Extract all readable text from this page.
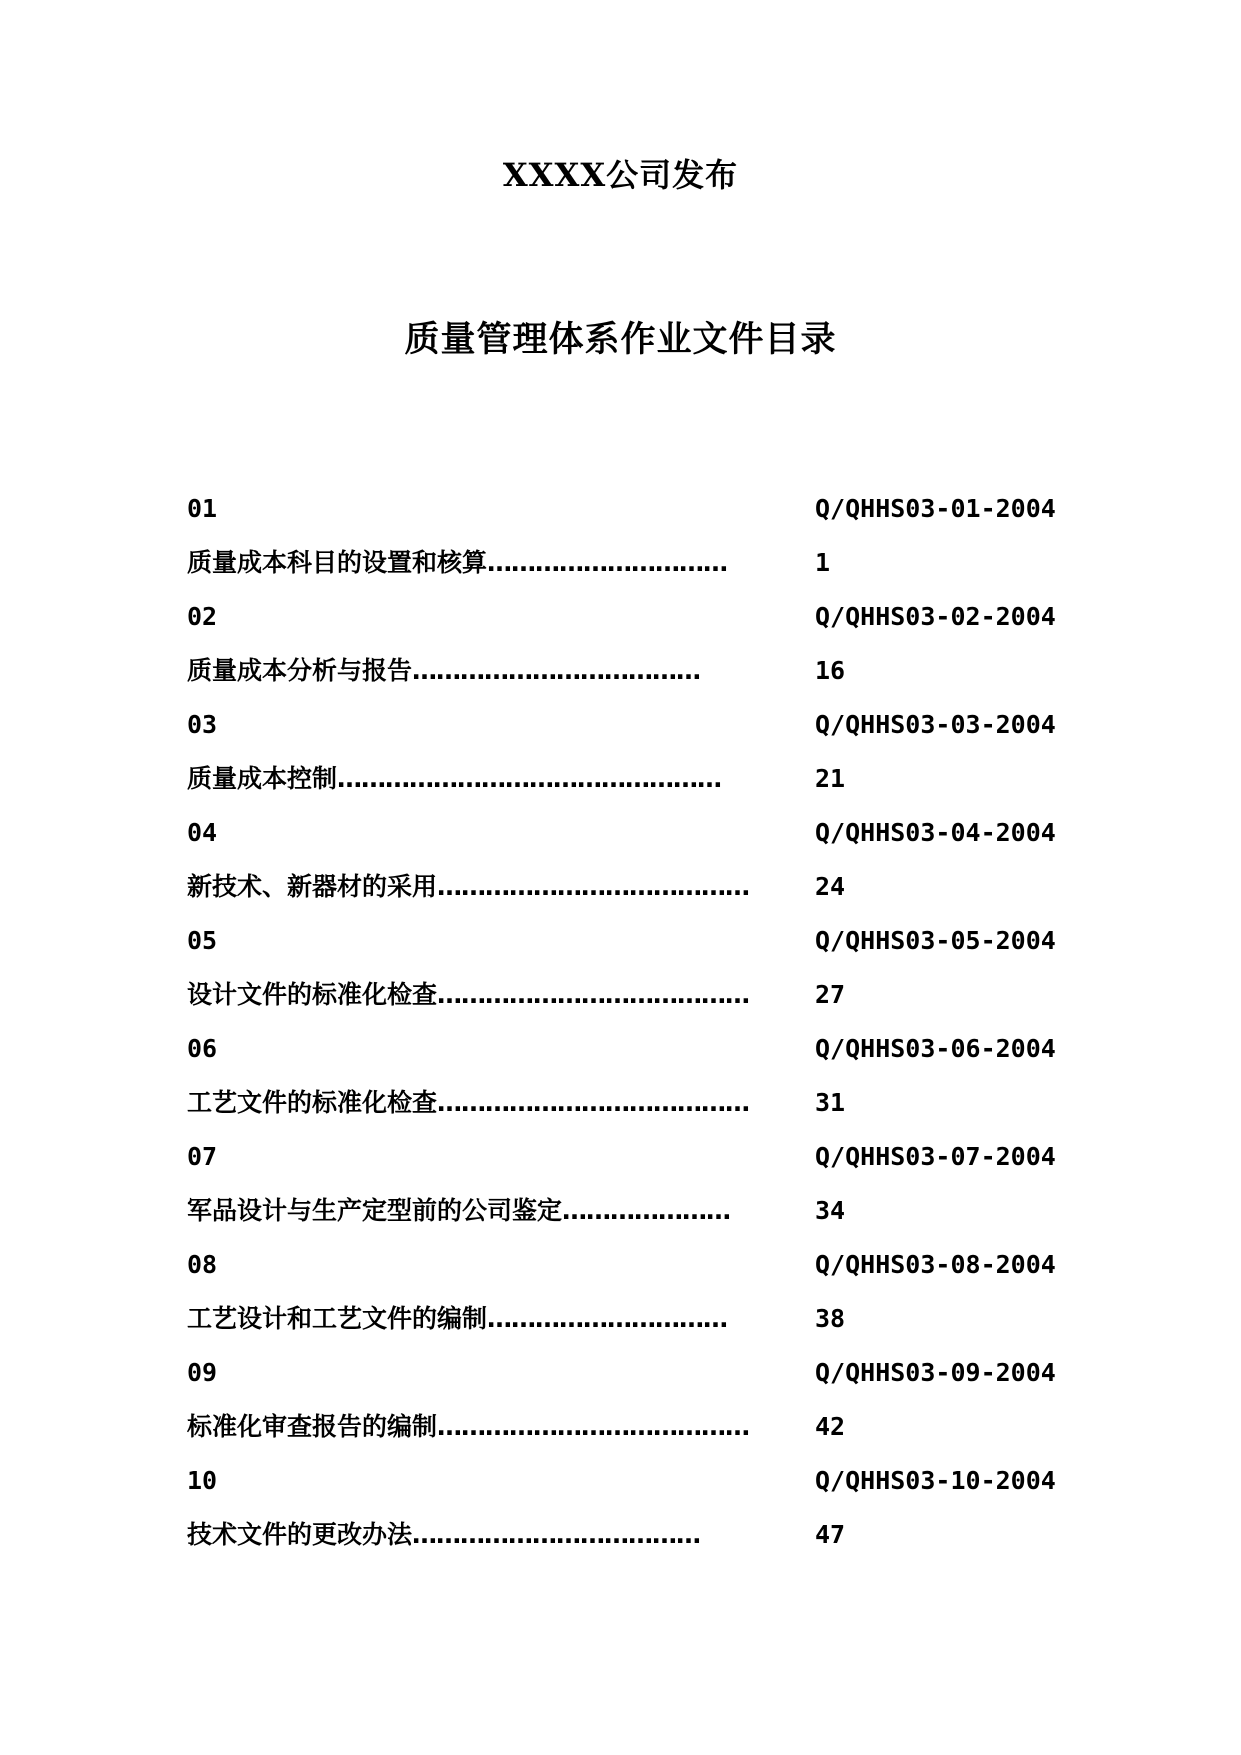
XXXX公司发布
质量管理体系作业文件目录
01	Q/QHHS03-01-2004
质量成本科目的设置和核算…………………………	1
02	Q/QHHS03-02-2004
质量成本分析与报告………………………………	16
03	Q/QHHS03-03-2004
质量成本控制…………………………………………	21
04	Q/QHHS03-04-2004
新技术、新器材的采用…………………………………	24
05	Q/QHHS03-05-2004
设计文件的标准化检查…………………………………	27
06	Q/QHHS03-06-2004
工艺文件的标准化检查…………………………………	31
07	Q/QHHS03-07-2004
军品设计与生产定型前的公司鉴定…………………	34
08	Q/QHHS03-08-2004
工艺设计和工艺文件的编制…………………………	38
09	Q/QHHS03-09-2004
标准化审查报告的编制…………………………………	42
10	Q/QHHS03-10-2004
技术文件的更改办法………………………………	47
